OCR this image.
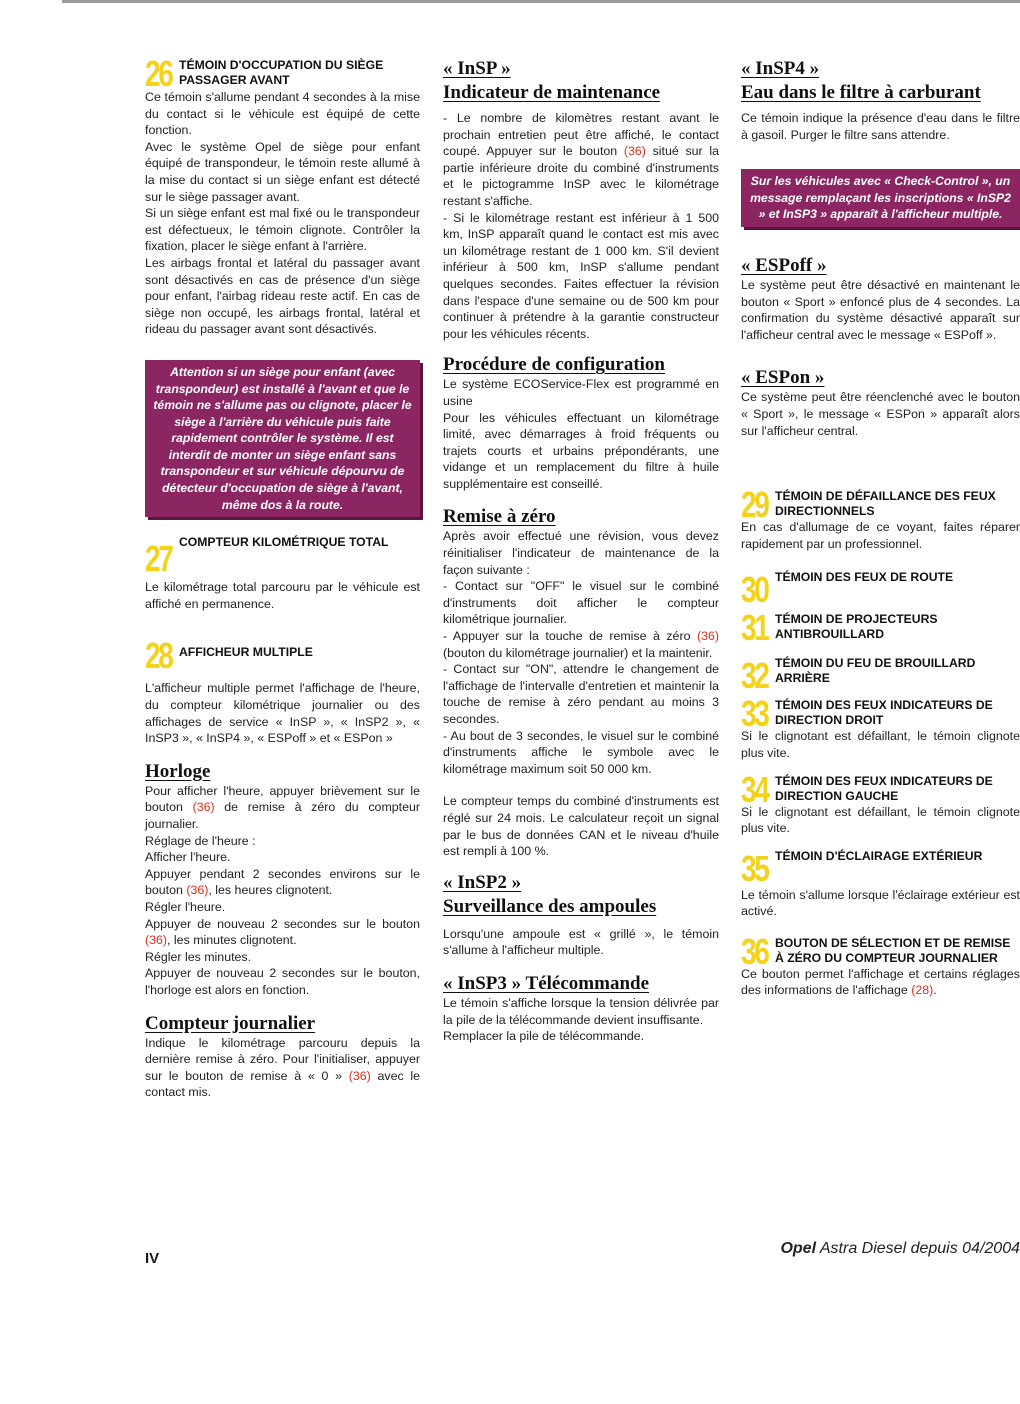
26 TÉMOIN D'OCCUPATION DU SIÈGE PASSAGER AVANT

Ce témoin s'allume pendant 4 secondes à la mise du contact si le véhicule est équipé de cette fonction.

Avec le système Opel de siège pour enfant équipé de transpondeur, le témoin reste allumé à la mise du contact si un siège enfant est détecté sur le siège passager avant.

Si un siège enfant est mal fixé ou le transpondeur est défectueux, le témoin clignote. Contrôler la fixation, placer le siège enfant à l'arrière.

Les airbags frontal et latéral du passager avant sont désactivés en cas de présence d'un siège pour enfant, l'airbag rideau reste actif. En cas de siège non occupé, les airbags frontal, latéral et rideau du passager avant sont désactivés.

Attention si un siège pour enfant (avec transpondeur) est installé à l'avant et que le témoin ne s'allume pas ou clignote, placer le siège à l'arrière du véhicule puis faite rapidement contrôler le système. Il est interdit de monter un siège enfant sans transpondeur et sur véhicule dépourvu de détecteur d'occupation de siège à l'avant, même dos à la route.
27 COMPTEUR KILOMÉTRIQUE TOTAL

Le kilométrage total parcouru par le véhicule est affiché en permanence.

28 AFFICHEUR MULTIPLE

L'afficheur multiple permet l'affichage de l'heure, du compteur kilométrique journalier ou des affichages de service « InSP », « InSP2 », « InSP3 », « InSP4 », « ESPoff » et « ESPon »

Horloge

Pour afficher l'heure, appuyer brièvement sur le bouton (36) de remise à zéro du compteur journalier.

Réglage de l'heure :

Afficher l'heure.

Appuyer pendant 2 secondes environs sur le bouton (36), les heures clignotent.

Régler l'heure.

Appuyer de nouveau 2 secondes sur le bouton (36), les minutes clignotent.

Régler les minutes.

Appuyer de nouveau 2 secondes sur le bouton, l'horloge est alors en fonction.

Compteur journalier

Indique le kilométrage parcouru depuis la dernière remise à zéro. Pour l'initialiser, appuyer sur le bouton de remise à « 0 » (36) avec le contact mis.

« InSP »
Indicateur de maintenance

- Le nombre de kilomètres restant avant le prochain entretien peut être affiché, le contact coupé. Appuyer sur le bouton (36) situé sur la partie inférieure droite du combiné d'instruments et le pictogramme InSP avec le kilométrage restant s'affiche.

- Si le kilométrage restant est inférieur à 1 500 km, InSP apparaît quand le contact est mis avec un kilométrage restant de 1 000 km. S'il devient inférieur à 500 km, InSP s'allume pendant quelques secondes. Faites effectuer la révision dans l'espace d'une semaine ou de 500 km pour continuer à prétendre à la garantie constructeur pour les véhicules récents.

Procédure de configuration

Le système ECOService-Flex est programmé en usine

Pour les véhicules effectuant un kilométrage limité, avec démarrages à froid fréquents ou trajets courts et urbains prépondérants, une vidange et un remplacement du filtre à huile supplémentaire est conseillé.

Remise à zéro

Après avoir effectué une révision, vous devez réinitialiser l'indicateur de maintenance de la façon suivante :

- Contact sur "OFF" le visuel sur le combiné d'instruments doit afficher le compteur kilométrique journalier.

- Appuyer sur la touche de remise à zéro (36) (bouton du kilométrage journalier) et la maintenir.

- Contact sur "ON", attendre le changement de l'affichage de l'intervalle d'entretien et maintenir la touche de remise à zéro pendant au moins 3 secondes.

- Au bout de 3 secondes, le visuel sur le combiné d'instruments affiche le symbole avec le kilométrage maximum soit 50 000 km.

Le compteur temps du combiné d'instruments est réglé sur 24 mois. Le calculateur reçoit un signal par le bus de données CAN et le niveau d'huile est rempli à 100 %.

« InSP2 »
Surveillance des ampoules

Lorsqu'une ampoule est « grillé », le témoin s'allume à l'afficheur multiple.

« InSP3 » Télécommande

Le témoin s'affiche lorsque la tension délivrée par la pile de la télécommande devient insuffisante.

Remplacer la pile de télécommande.

« InSP4 »
Eau dans le filtre à carburant

Ce témoin indique la présence d'eau dans le filtre à gasoil. Purger le filtre sans attendre.

Sur les véhicules avec « Check-Control », un message remplaçant les inscriptions « InSP2 » et InSP3 » apparaît à l'afficheur multiple.
« ESPoff »

Le système peut être désactivé en maintenant le bouton « Sport » enfoncé plus de 4 secondes. La confirmation du système désactivé apparaît sur l'afficheur central avec le message « ESPoff ».

« ESPon »

Ce système peut être réenclenché avec le bouton « Sport », le message « ESPon » apparaît alors sur l'afficheur central.

29 TÉMOIN DE DÉFAILLANCE DES FEUX DIRECTIONNELS

En cas d'allumage de ce voyant, faites réparer rapidement par un professionnel.

30 TÉMOIN DES FEUX DE ROUTE
31 TÉMOIN DE PROJECTEURS ANTIBROUILLARD
32 TÉMOIN DU FEU DE BROUILLARD ARRIÈRE
33 TÉMOIN DES FEUX INDICATEURS DE DIRECTION DROIT

Si le clignotant est défaillant, le témoin clignote plus vite.

34 TÉMOIN DES FEUX INDICATEURS DE DIRECTION GAUCHE

Si le clignotant est défaillant, le témoin clignote plus vite.

35 TÉMOIN D'ÉCLAIRAGE EXTÉRIEUR

Le témoin s'allume lorsque l'éclairage extérieur est activé.

36 BOUTON DE SÉLECTION ET DE REMISE À ZÉRO DU COMPTEUR JOURNALIER

Ce bouton permet l'affichage et certains réglages des informations de l'affichage (28).

IV
Opel Astra Diesel depuis 04/2004
